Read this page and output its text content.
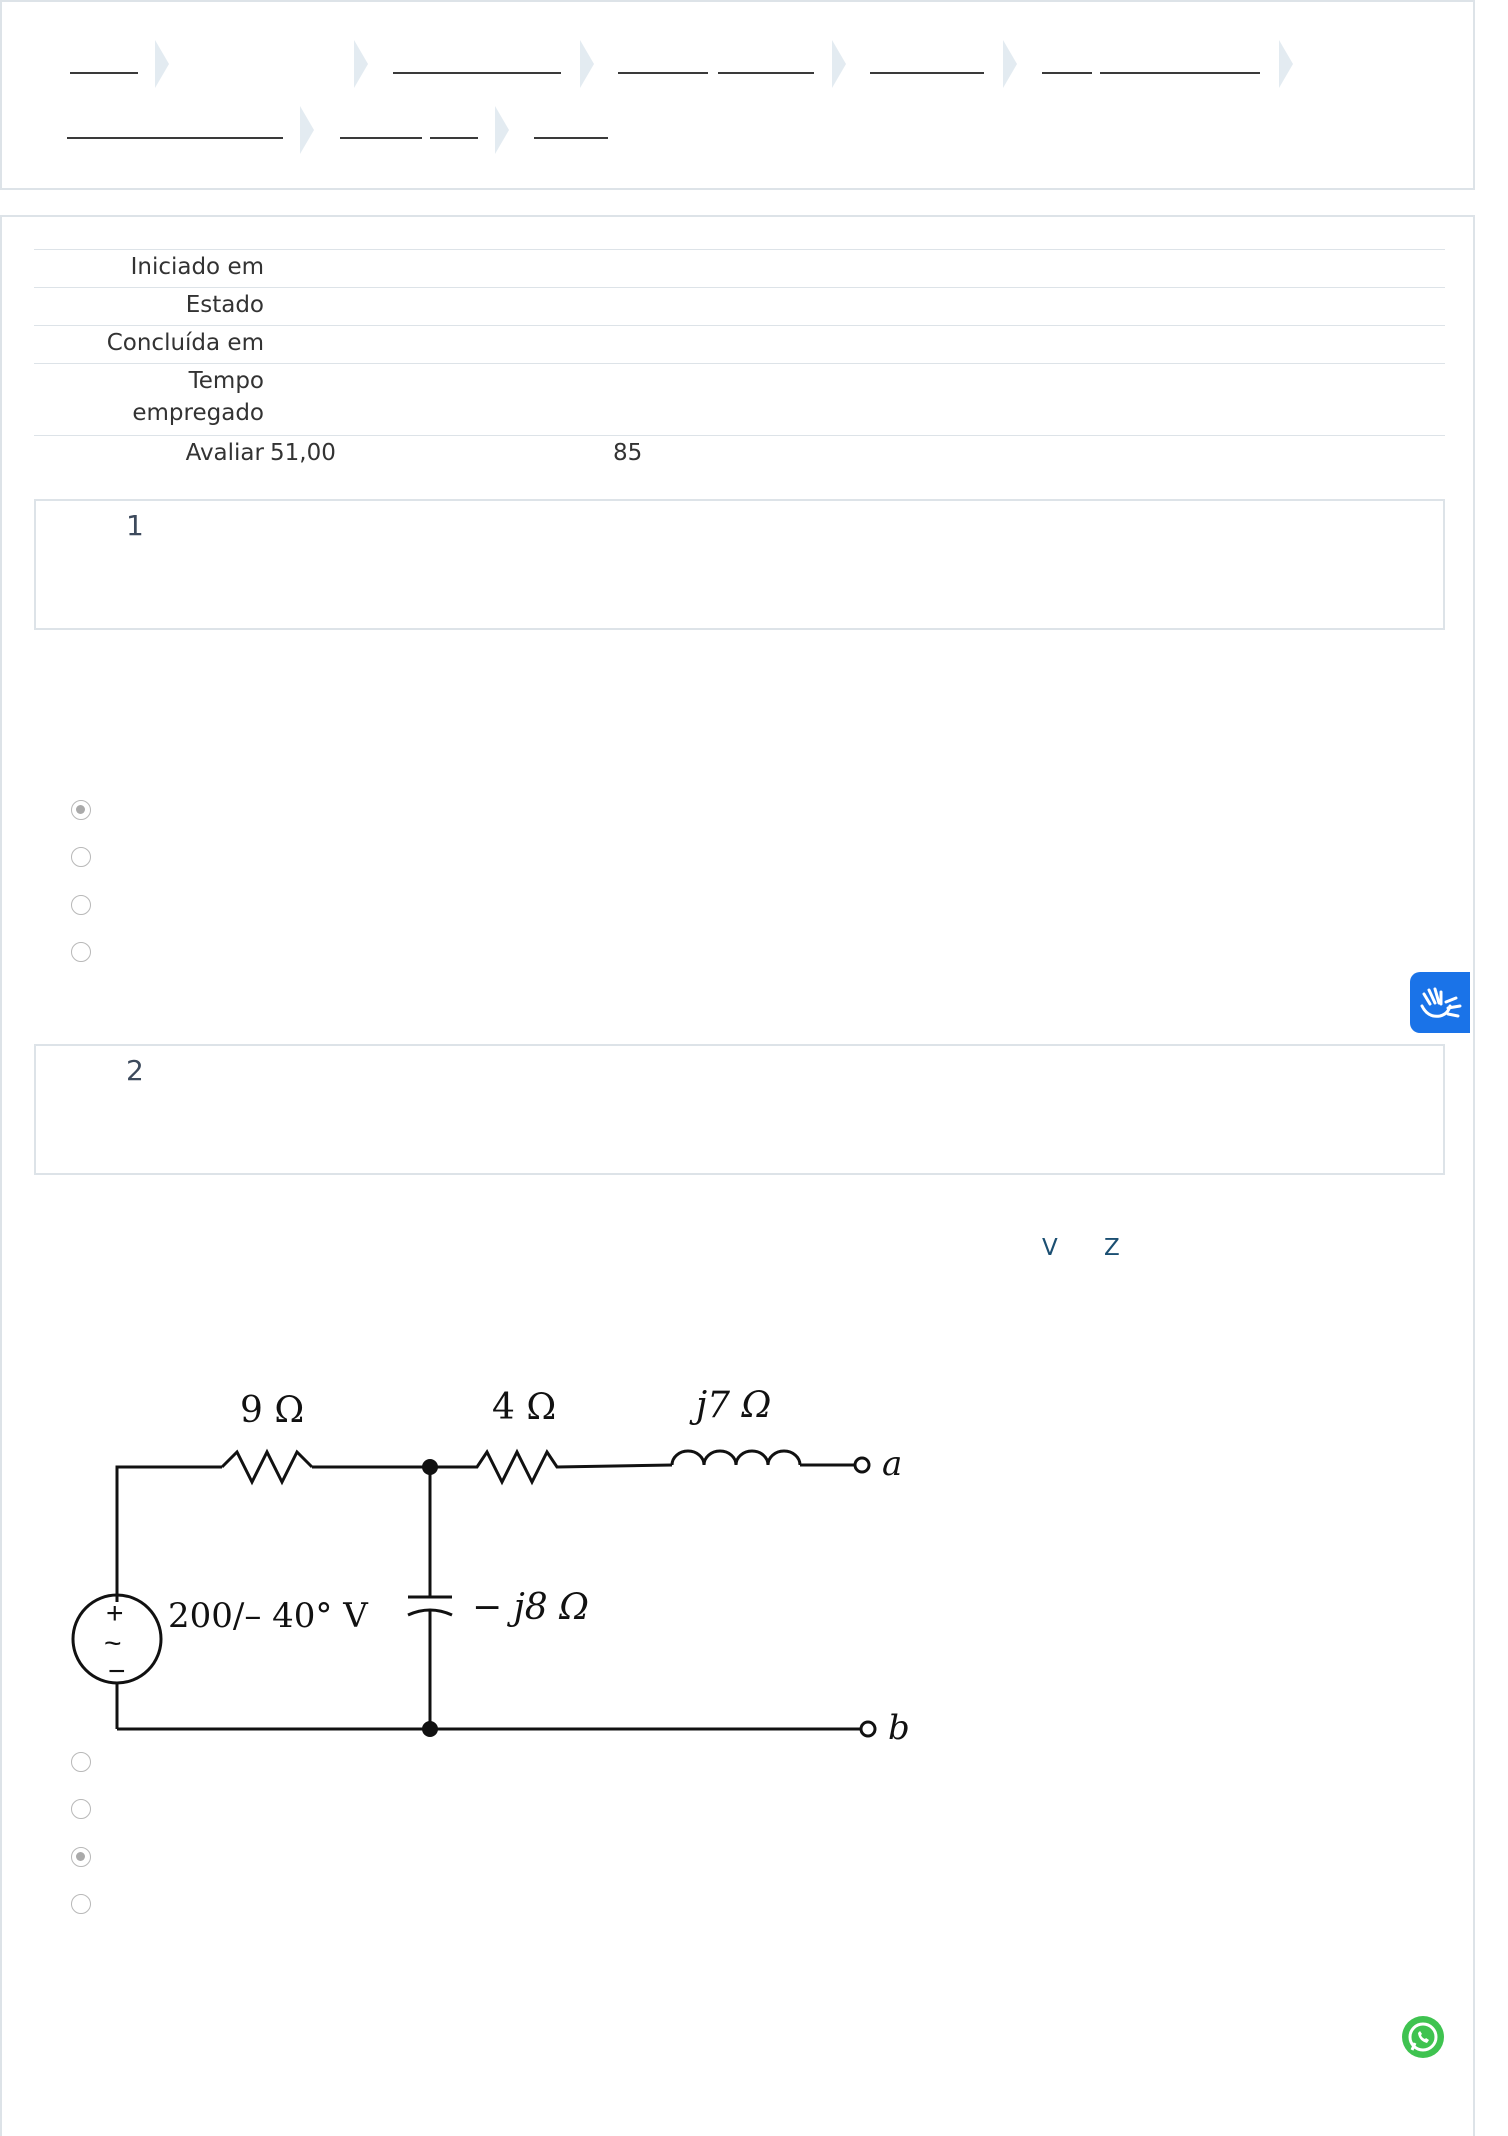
Iniciado em
Estado
Concluída em
Tempo
empregado
Avaliar 51,00	85
1
2
V Z
+
~
−
9 Ω	4 Ω	j7 Ω
− j8 Ω
200/– 40° V
a
b
